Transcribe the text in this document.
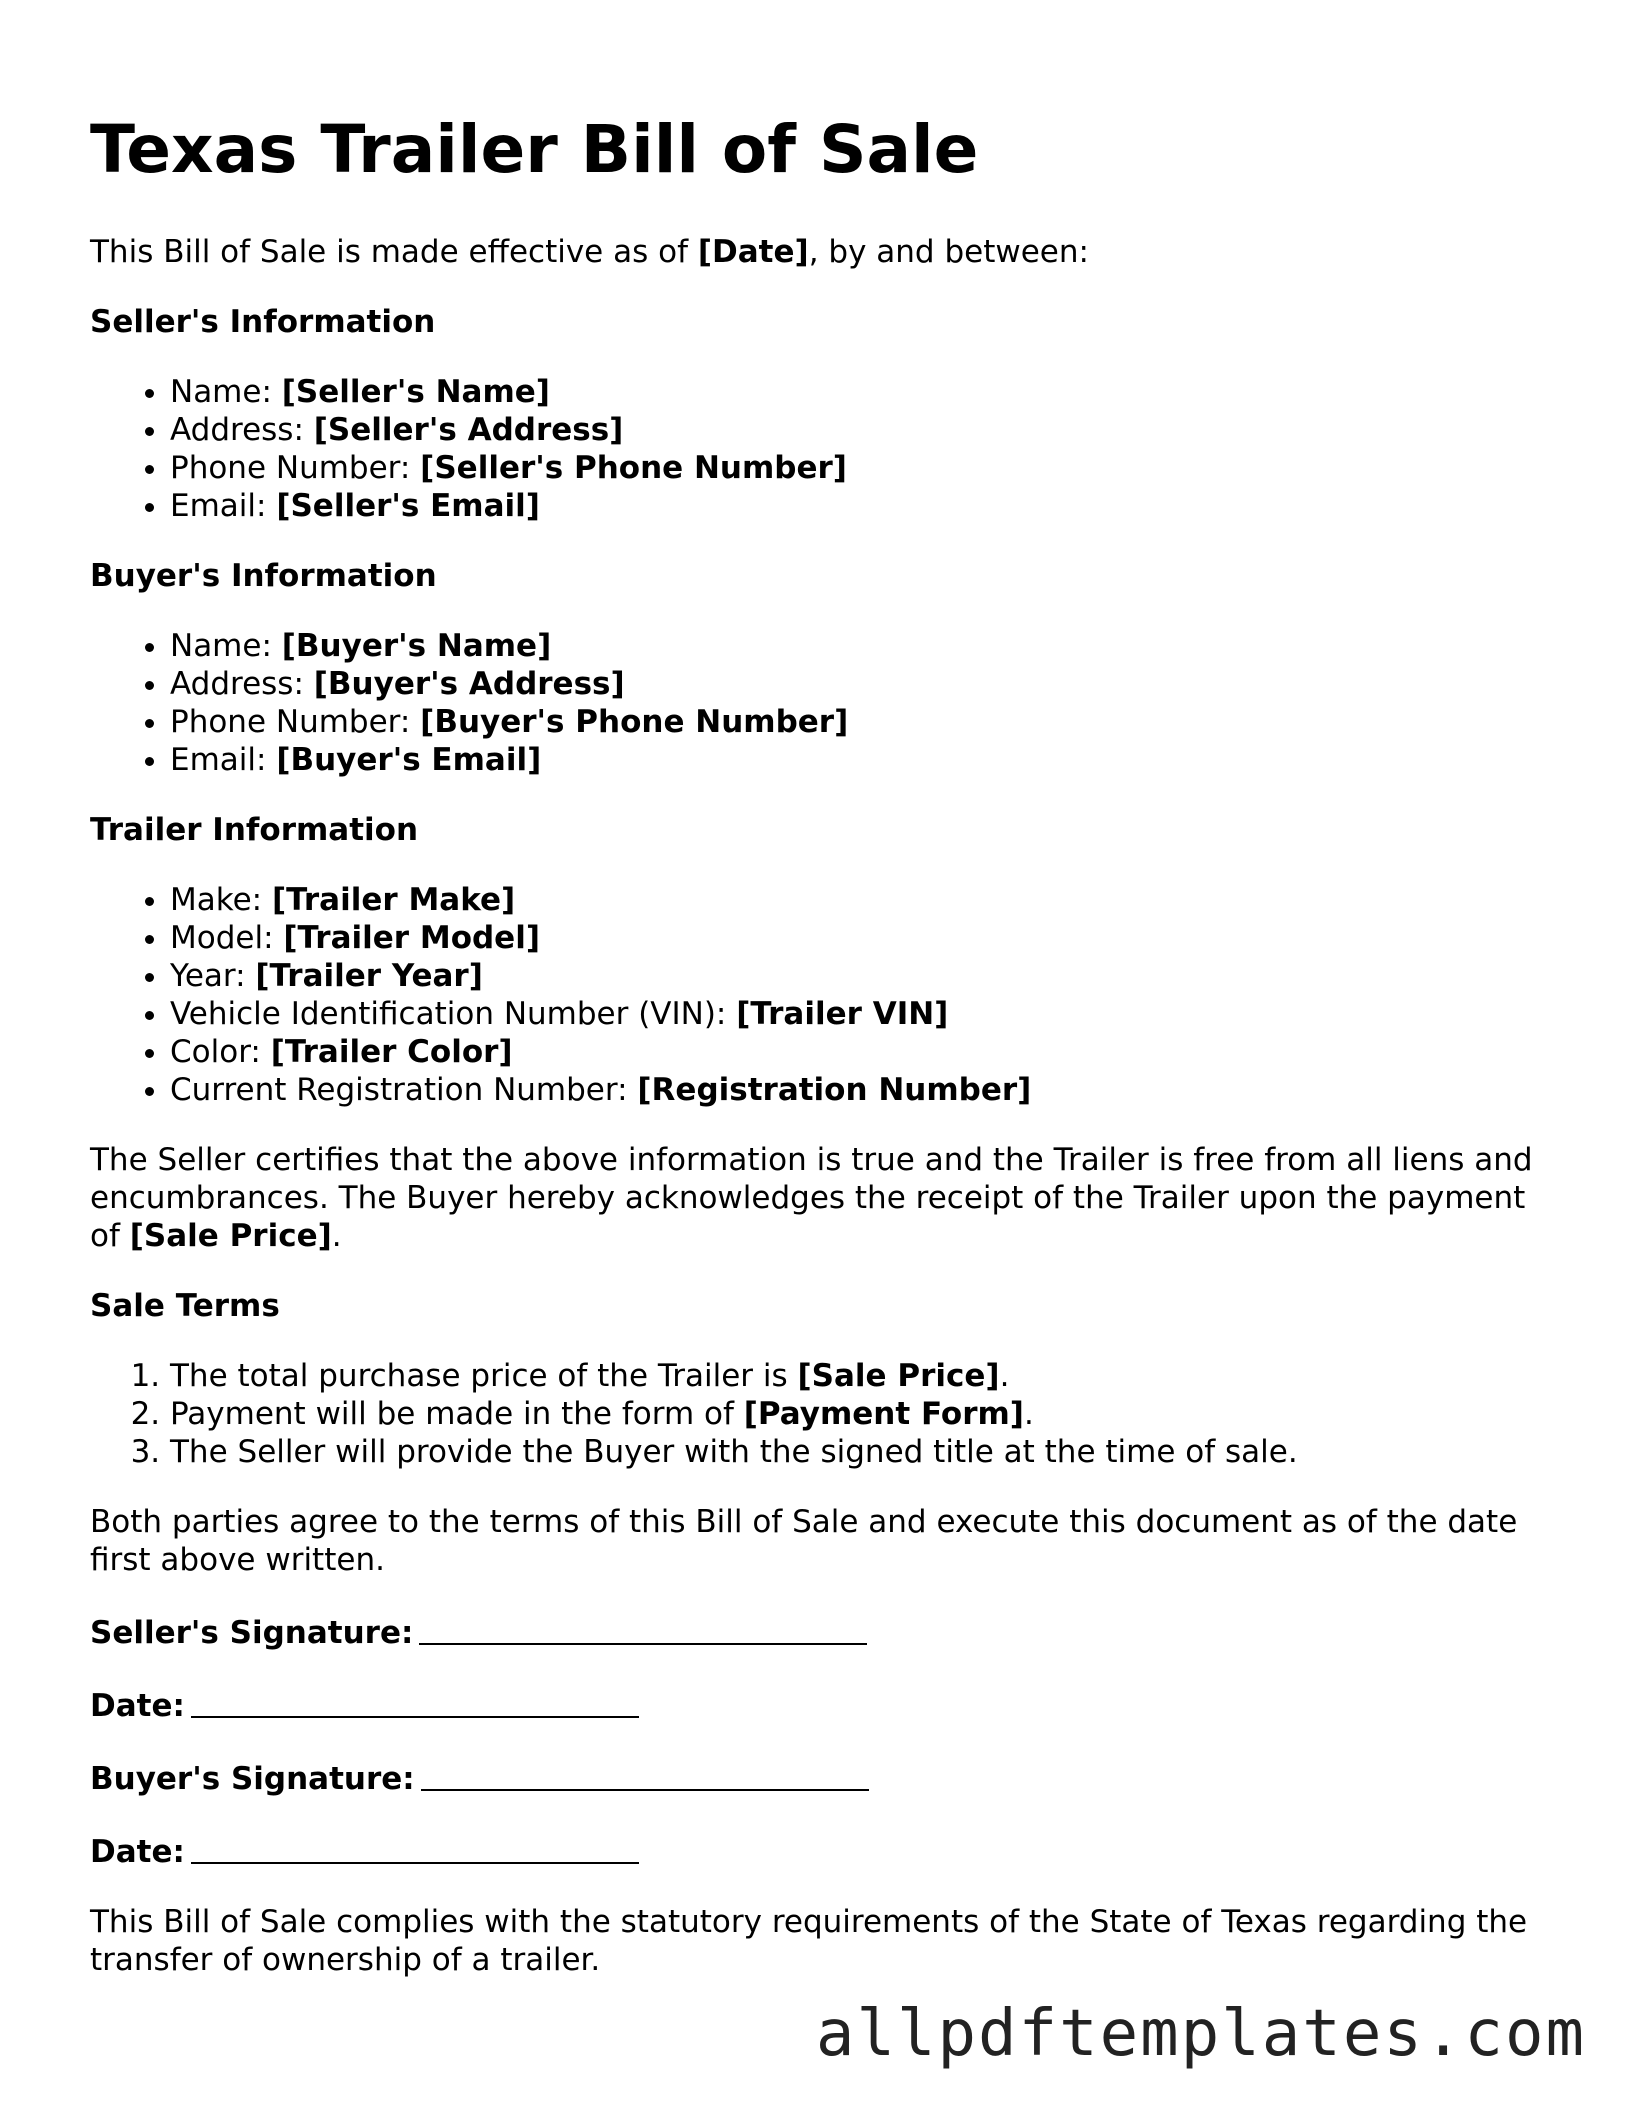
Texas Trailer Bill of Sale

This Bill of Sale is made effective as of [Date], by and between:

Seller's Information
• Name: [Seller's Name]
• Address: [Seller's Address]
• Phone Number: [Seller's Phone Number]
• Email: [Seller's Email]
Buyer's Information
• Name: [Buyer's Name]
• Address: [Buyer's Address]
• Phone Number: [Buyer's Phone Number]
• Email: [Buyer's Email]
Trailer Information
• Make: [Trailer Make]
• Model: [Trailer Model]
• Year: [Trailer Year]
• Vehicle Identification Number (VIN): [Trailer VIN]
• Color: [Trailer Color]
• Current Registration Number: [Registration Number]

The Seller certifies that the above information is true and the Trailer is free from all liens and encumbrances. The Buyer hereby acknowledges the receipt of the Trailer upon the payment of [Sale Price].

Sale Terms
1. The total purchase price of the Trailer is [Sale Price].
2. Payment will be made in the form of [Payment Form].
3. The Seller will provide the Buyer with the signed title at the time of sale.

Both parties agree to the terms of this Bill of Sale and execute this document as of the date first above written.

Seller's Signature:
Date:
Buyer's Signature:
Date:

This Bill of Sale complies with the statutory requirements of the State of Texas regarding the transfer of ownership of a trailer.

allpdftemplates.com
